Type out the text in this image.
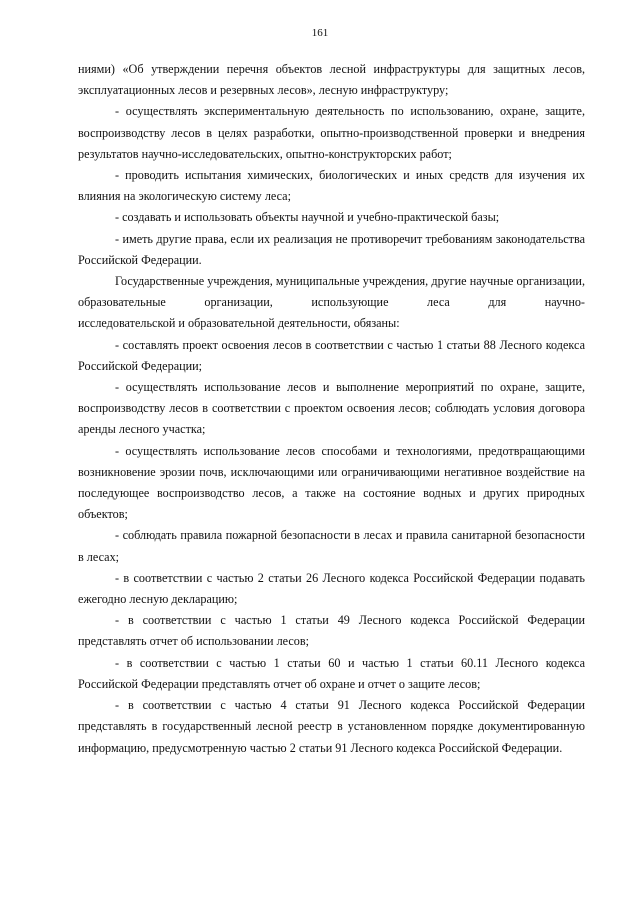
161

ниями) «Об утверждении перечня объектов лесной инфраструктуры для защитных лесов, эксплуатационных лесов и резервных лесов», лесную инфраструктуру;

- осуществлять экспериментальную деятельность по использованию, охране, защите, воспроизводству лесов в целях разработки, опытно-производственной проверки и внедрения результатов научно-исследовательских, опытно-конструкторских работ;

- проводить испытания химических, биологических и иных средств для изучения их влияния на экологическую систему леса;

- создавать и использовать объекты научной и учебно-практической базы;

- иметь другие права, если их реализация не противоречит требованиям законодательства Российской Федерации.

Государственные учреждения, муниципальные учреждения, другие научные организации, образовательные организации, использующие леса для научно-

исследовательской и образовательной деятельности, обязаны:

- составлять проект освоения лесов в соответствии с частью 1 статьи 88 Лесного кодекса Российской Федерации;

- осуществлять использование лесов и выполнение мероприятий по охране, защите, воспроизводству лесов в соответствии с проектом освоения лесов; соблюдать условия договора аренды лесного участка;

- осуществлять использование лесов способами и технологиями, предотвращающими возникновение эрозии почв, исключающими или ограничивающими негативное воздействие на последующее воспроизводство лесов, а также на состояние водных и других природных объектов;

- соблюдать правила пожарной безопасности в лесах и правила санитарной безопасности в лесах;

- в соответствии с частью 2 статьи 26 Лесного кодекса Российской Федерации подавать ежегодно лесную декларацию;

- в соответствии с частью 1 статьи 49 Лесного кодекса Российской Федерации представлять отчет об использовании лесов;

- в соответствии с частью 1 статьи 60 и частью 1 статьи 60.11 Лесного кодекса Российской Федерации представлять отчет об охране и отчет о защите лесов;

- в соответствии с частью 4 статьи 91 Лесного кодекса Российской Федерации представлять в государственный лесной реестр в установленном порядке документированную информацию, предусмотренную частью 2 статьи 91 Лесного кодекса Российской Федерации.
